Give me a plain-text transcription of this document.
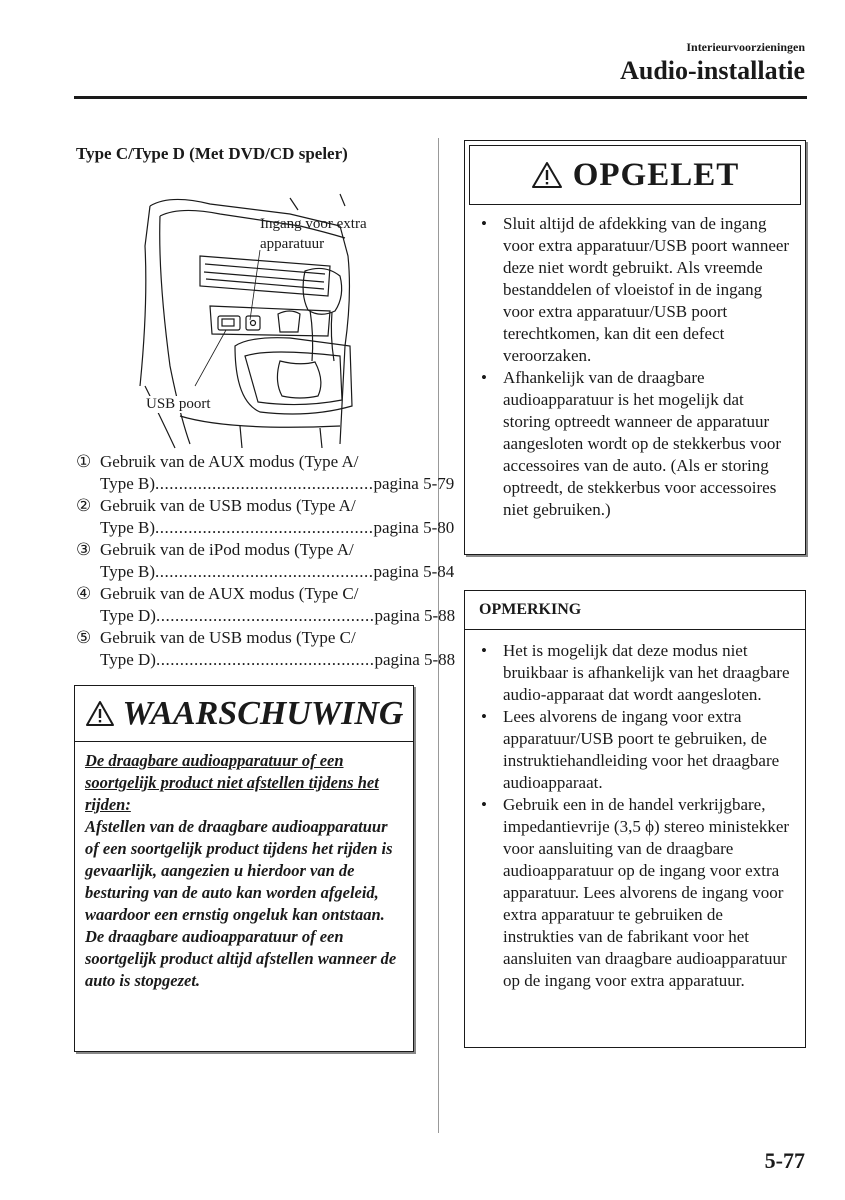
Interieurvoorzieningen
Audio-installatie
Type C/Type D (Met DVD/CD speler)
Ingang voor extra apparatuur
USB poort
① Gebruik van de AUX modus (Type A/
Type B) .............................................. pagina 5-79
② Gebruik van de USB modus (Type A/
Type B) .............................................. pagina 5-80
③ Gebruik van de iPod modus (Type A/
Type B) .............................................. pagina 5-84
④ Gebruik van de AUX modus (Type C/
Type D) .............................................. pagina 5-88
⑤ Gebruik van de USB modus (Type C/
Type D) .............................................. pagina 5-88
WAARSCHUWING
De draagbare audioapparatuur of een soortgelijk product niet afstellen tijdens het rijden:
Afstellen van de draagbare audioapparatuur of een soortgelijk product tijdens het rijden is gevaarlijk, aangezien u hierdoor van de besturing van de auto kan worden afgeleid, waardoor een ernstig ongeluk kan ontstaan. De draagbare audioapparatuur of een soortgelijk product altijd afstellen wanneer de auto is stopgezet.
OPGELET
• Sluit altijd de afdekking van de ingang voor extra apparatuur/USB poort wanneer deze niet wordt gebruikt. Als vreemde bestanddelen of vloeistof in de ingang voor extra apparatuur/USB poort terechtkomen, kan dit een defect veroorzaken.
• Afhankelijk van de draagbare audioapparatuur is het mogelijk dat storing optreedt wanneer de apparatuur aangesloten wordt op de stekkerbus voor accessoires van de auto. (Als er storing optreedt, de stekkerbus voor accessoires niet gebruiken.)
OPMERKING
• Het is mogelijk dat deze modus niet bruikbaar is afhankelijk van het draagbare audio-apparaat dat wordt aangesloten.
• Lees alvorens de ingang voor extra apparatuur/USB poort te gebruiken, de instruktiehandleiding voor het draagbare audioapparaat.
• Gebruik een in de handel verkrijgbare, impedantievrije (3,5 ϕ) stereo ministekker voor aansluiting van de draagbare audioapparatuur op de ingang voor extra apparatuur. Lees alvorens de ingang voor extra apparatuur te gebruiken de instrukties van de fabrikant voor het aansluiten van draagbare audioapparatuur op de ingang voor extra apparatuur.
5-77
